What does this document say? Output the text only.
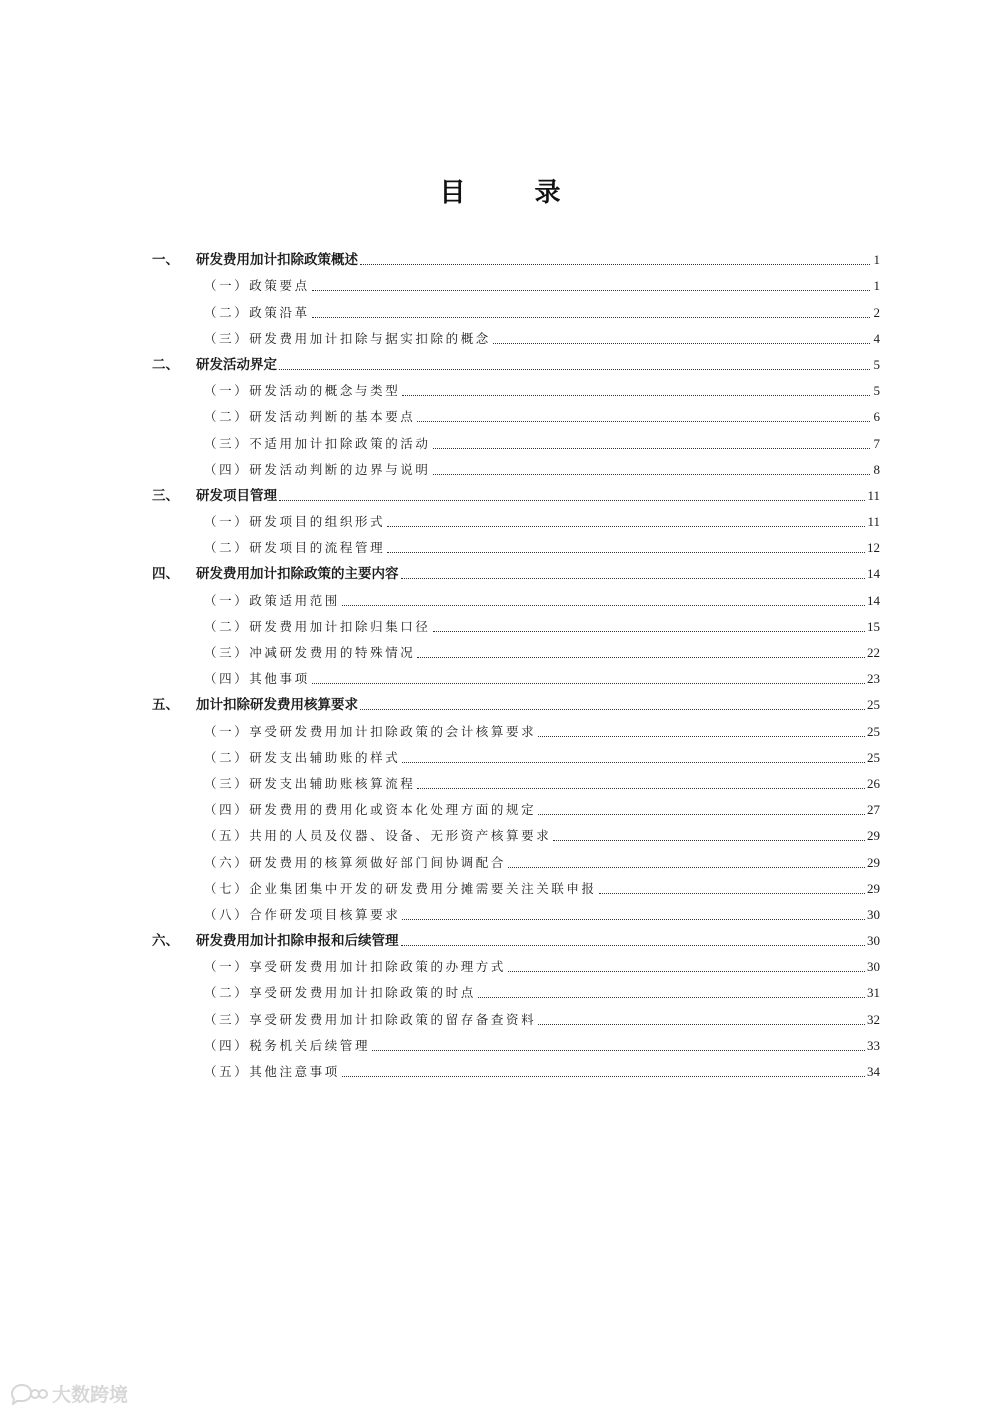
目 录
一、	研发费用加计扣除政策概述	1
（一）政策要点	1
（二）政策沿革	2
（三）研发费用加计扣除与据实扣除的概念	4
二、	研发活动界定	5
（一）研发活动的概念与类型	5
（二）研发活动判断的基本要点	6
（三）不适用加计扣除政策的活动	7
（四）研发活动判断的边界与说明	8
三、	研发项目管理	11
（一）研发项目的组织形式	11
（二）研发项目的流程管理	12
四、	研发费用加计扣除政策的主要内容	14
（一）政策适用范围	14
（二）研发费用加计扣除归集口径	15
（三）冲减研发费用的特殊情况	22
（四）其他事项	23
五、	加计扣除研发费用核算要求	25
（一）享受研发费用加计扣除政策的会计核算要求	25
（二）研发支出辅助账的样式	25
（三）研发支出辅助账核算流程	26
（四）研发费用的费用化或资本化处理方面的规定	27
（五）共用的人员及仪器、设备、无形资产核算要求	29
（六）研发费用的核算须做好部门间协调配合	29
（七）企业集团集中开发的研发费用分摊需要关注关联申报	29
（八）合作研发项目核算要求	30
六、	研发费用加计扣除申报和后续管理	30
（一）享受研发费用加计扣除政策的办理方式	30
（二）享受研发费用加计扣除政策的时点	31
（三）享受研发费用加计扣除政策的留存备查资料	32
（四）税务机关后续管理	33
（五）其他注意事项	34
大数跨境
